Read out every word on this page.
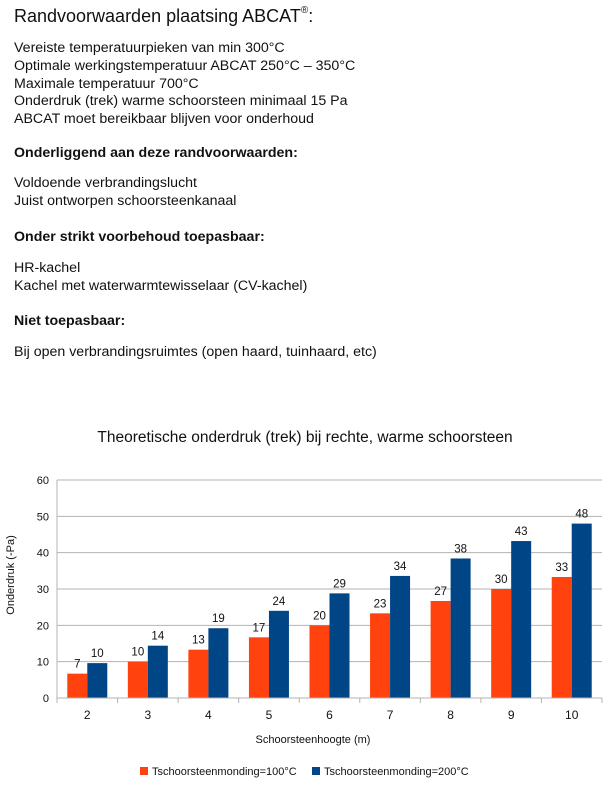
Randvoorwaarden plaatsing ABCAT®:
Vereiste temperatuurpieken van min 300°C
Optimale werkingstemperatuur ABCAT 250°C – 350°C
Maximale temperatuur 700°C
Onderdruk (trek) warme schoorsteen minimaal 15 Pa
ABCAT moet bereikbaar blijven voor onderhoud
Onderliggend aan deze randvoorwaarden:
Voldoende verbrandingslucht
Juist ontworpen schoorsteenkanaal
Onder strikt voorbehoud toepasbaar:
HR-kachel
Kachel met waterwarmtewisselaar (CV-kachel)
Niet toepasbaar:
Bij open verbrandingsruimtes (open haard, tuinhaard, etc)
Theoretische onderdruk (trek) bij rechte, warme schoorsteen
7
10 10
14 13
19
17
24
20
29
23
34
27
38
30
43
33
48
0
10
20
30
40
50
60
2	3	4	5	6	7	8	9	10
Onderdruk (-Pa)
Schoorsteenhoogte (m)
Tschoorsteenmonding=100°C Tschoorsteenmonding=200°C
